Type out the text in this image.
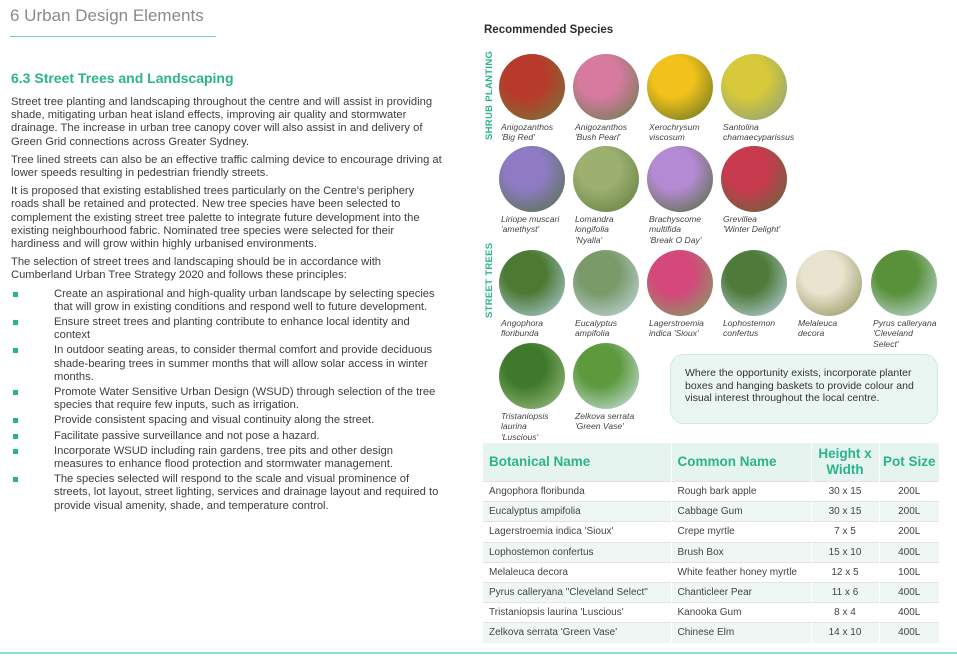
6 Urban Design Elements
6.3 Street Trees and Landscaping

Street tree planting and landscaping throughout the centre and will assist in providing shade, mitigating urban heat island effects, improving air quality and stormwater drainage. The increase in urban tree canopy cover will also assist in and delivery of Green Grid connections across Greater Sydney.

Tree lined streets can also be an effective traffic calming device to encourage driving at lower speeds resulting in pedestrian friendly streets.

It is proposed that existing established trees particularly on the Centre's periphery roads shall be retained and protected. New tree species have been selected to complement the existing street tree palette to integrate future development into the existing neighbourhood fabric. Nominated tree species were selected for their hardiness and will grow within highly urbanised environments.

The selection of street trees and landscaping should be in accordance with Cumberland Urban Tree Strategy 2020 and follows these principles:

Create an aspirational and high-quality urban landscape by selecting species that will grow in existing conditions and respond well to future development.
Ensure street trees and planting contribute to enhance local identity and context
In outdoor seating areas, to consider thermal comfort and provide deciduous shade-bearing trees in summer months that will allow solar access in winter months.
Promote Water Sensitive Urban Design (WSUD) through selection of the tree species that require few inputs, such as irrigation.
Provide consistent spacing and visual continuity along the street.
Facilitate passive surveillance and not pose a hazard.
Incorporate WSUD including rain gardens, tree pits and other design measures to enhance flood protection and stormwater management.
The species selected will respond to the scale and visual prominence of streets, lot layout, street lighting, services and drainage layout and required to provide visual amenity, shade, and temperature control.
Recommended Species
SHRUB PLANTING
STREET TREES
Anigozanthos
'Big Red'
Anigozanthos
'Bush Pearl'
Xerochrysum
viscosum
Santolina
chamaecyparissus
Liriope muscari
'amethyst'
Lomandra
longifolia
'Nyalla'
Brachyscome
multifida
'Break O Day'
Grevillea
'Winter Delight'
Angophora
floribunda
Eucalyptus
ampifolia
Lagerstroemia
indica 'Sioux'
Lophostemon
confertus
Melaleuca
decora
Pyrus calleryana
'Cleveland
Select'
Tristaniopsis
laurina
'Luscious'
Zelkova serrata
'Green Vase'
Where the opportunity exists, incorporate planter boxes and hanging baskets to provide colour and visual interest throughout the local centre.
Botanical Name	Common Name	Height x Width	Pot Size
Angophora floribunda	Rough bark apple	30 x 15	200L
Eucalyptus ampifolia	Cabbage Gum	30 x 15	200L
Lagerstroemia indica 'Sioux'	Crepe myrtle	7 x 5	200L
Lophostemon confertus	Brush Box	15 x 10	400L
Melaleuca decora	White feather honey myrtle	12 x 5	100L
Pyrus calleryana "Cleveland Select"	Chanticleer Pear	11 x 6	400L
Tristaniopsis laurina 'Luscious'	Kanooka Gum	8 x 4	400L
Zelkova serrata 'Green Vase'	Chinese Elm	14 x 10	400L
